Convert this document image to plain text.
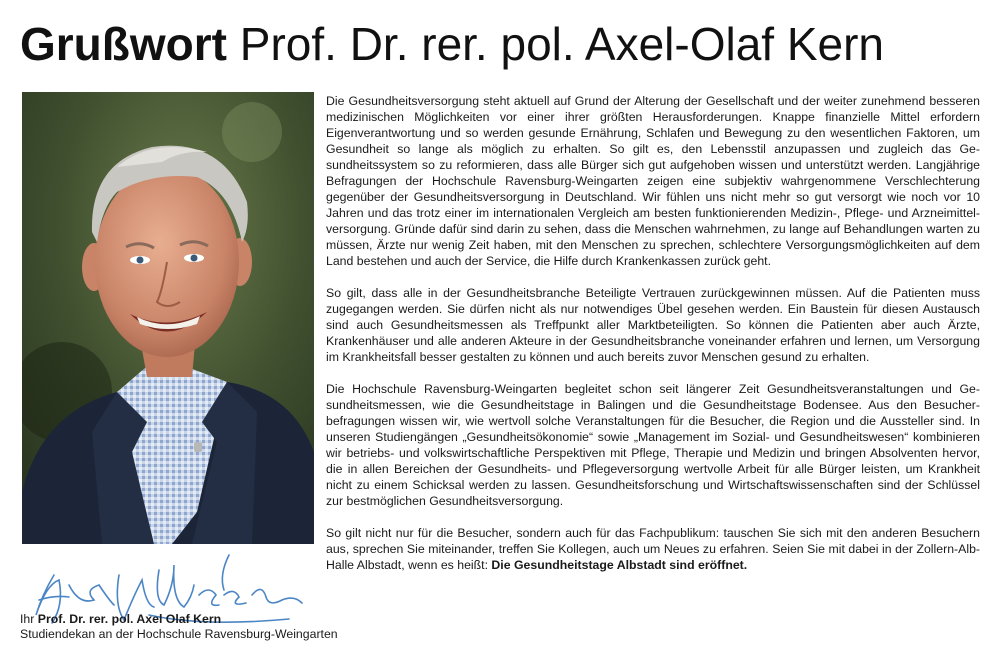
Grußwort Prof. Dr. rer. pol. Axel-Olaf Kern

Die Gesundheitsversorgung steht aktuell auf Grund der Alterung der Gesellschaft und der weiter zunehmend besseren medizinischen Möglichkeiten vor einer ihrer größten Herausforderungen. Knappe finanzielle Mittel erfordern Eigenverantwortung und so werden gesunde Ernährung, Schlafen und Bewegung zu den wesentlichen Faktoren, um Gesundheit so lange als möglich zu erhalten. So gilt es, den Lebensstil anzupassen und zugleich das Gesundheitssystem so zu reformieren, dass alle Bürger sich gut aufgehoben wissen und unterstützt werden. Langjährige Befragungen der Hochschule Ravensburg-Weingarten zeigen eine subjektiv wahrgenommene Verschlechterung gegenüber der Gesundheitsversorgung in Deutschland. Wir fühlen uns nicht mehr so gut versorgt wie noch vor 10 Jahren und das trotz einer im internationalen Vergleich am besten funktionierenden Medizin-, Pflege- und Arzneimittel-versorgung. Gründe dafür sind darin zu sehen, dass die Menschen wahrnehmen, zu lange auf Behandlungen warten zu müssen, Ärzte nur wenig Zeit haben, mit den Menschen zu sprechen, schlechtere Versorgungsmöglichkeiten auf dem Land bestehen und auch der Service, die Hilfe durch Krankenkassen zurück geht.

So gilt, dass alle in der Gesundheitsbranche Beteiligte Vertrauen zurückgewinnen müssen. Auf die Patienten muss zugegangen werden. Sie dürfen nicht als nur notwendiges Übel gesehen werden. Ein Baustein für diesen Austausch sind auch Gesundheitsmessen als Treffpunkt aller Marktbeteiligten. So können die Patienten aber auch Ärzte, Krankenhäuser und alle anderen Akteure in der Gesundheitsbranche voneinander erfahren und lernen, um Versorgung im Krankheitsfall besser gestalten zu können und auch bereits zuvor Menschen gesund zu erhalten.

Die Hochschule Ravensburg-Weingarten begleitet schon seit längerer Zeit Gesundheitsveranstaltungen und Gesundheitsmessen, wie die Gesundheitstage in Balingen und die Gesundheitstage Bodensee. Aus den Besucherbefragungen wissen wir, wie wertvoll solche Veranstaltungen für die Besucher, die Region und die Aussteller sind. In unseren Studiengängen „Gesundheitsökonomie“ sowie „Management im Sozial- und Gesundheitswesen“ kombinieren wir betriebs- und volkswirtschaftliche Perspektiven mit Pflege, Therapie und Medizin und bringen Absolventen hervor, die in allen Bereichen der Gesundheits- und Pflegeversorgung wertvolle Arbeit für alle Bürger leisten, um Krankheit nicht zu einem Schicksal werden zu lassen. Gesundheitsforschung und Wirtschaftswissenschaften sind der Schlüssel zur bestmöglichen Gesundheitsversorgung.

So gilt nicht nur für die Besucher, sondern auch für das Fachpublikum: tauschen Sie sich mit den anderen Besuchern aus, sprechen Sie miteinander, treffen Sie Kollegen, auch um Neues zu erfahren. Seien Sie mit dabei in der Zollern-Alb-Halle Albstadt, wenn es heißt: Die Gesundheitstage Albstadt sind eröffnet.

Ihr Prof. Dr. rer. pol. Axel Olaf Kern
Studiendekan an der Hochschule Ravensburg-Weingarten
